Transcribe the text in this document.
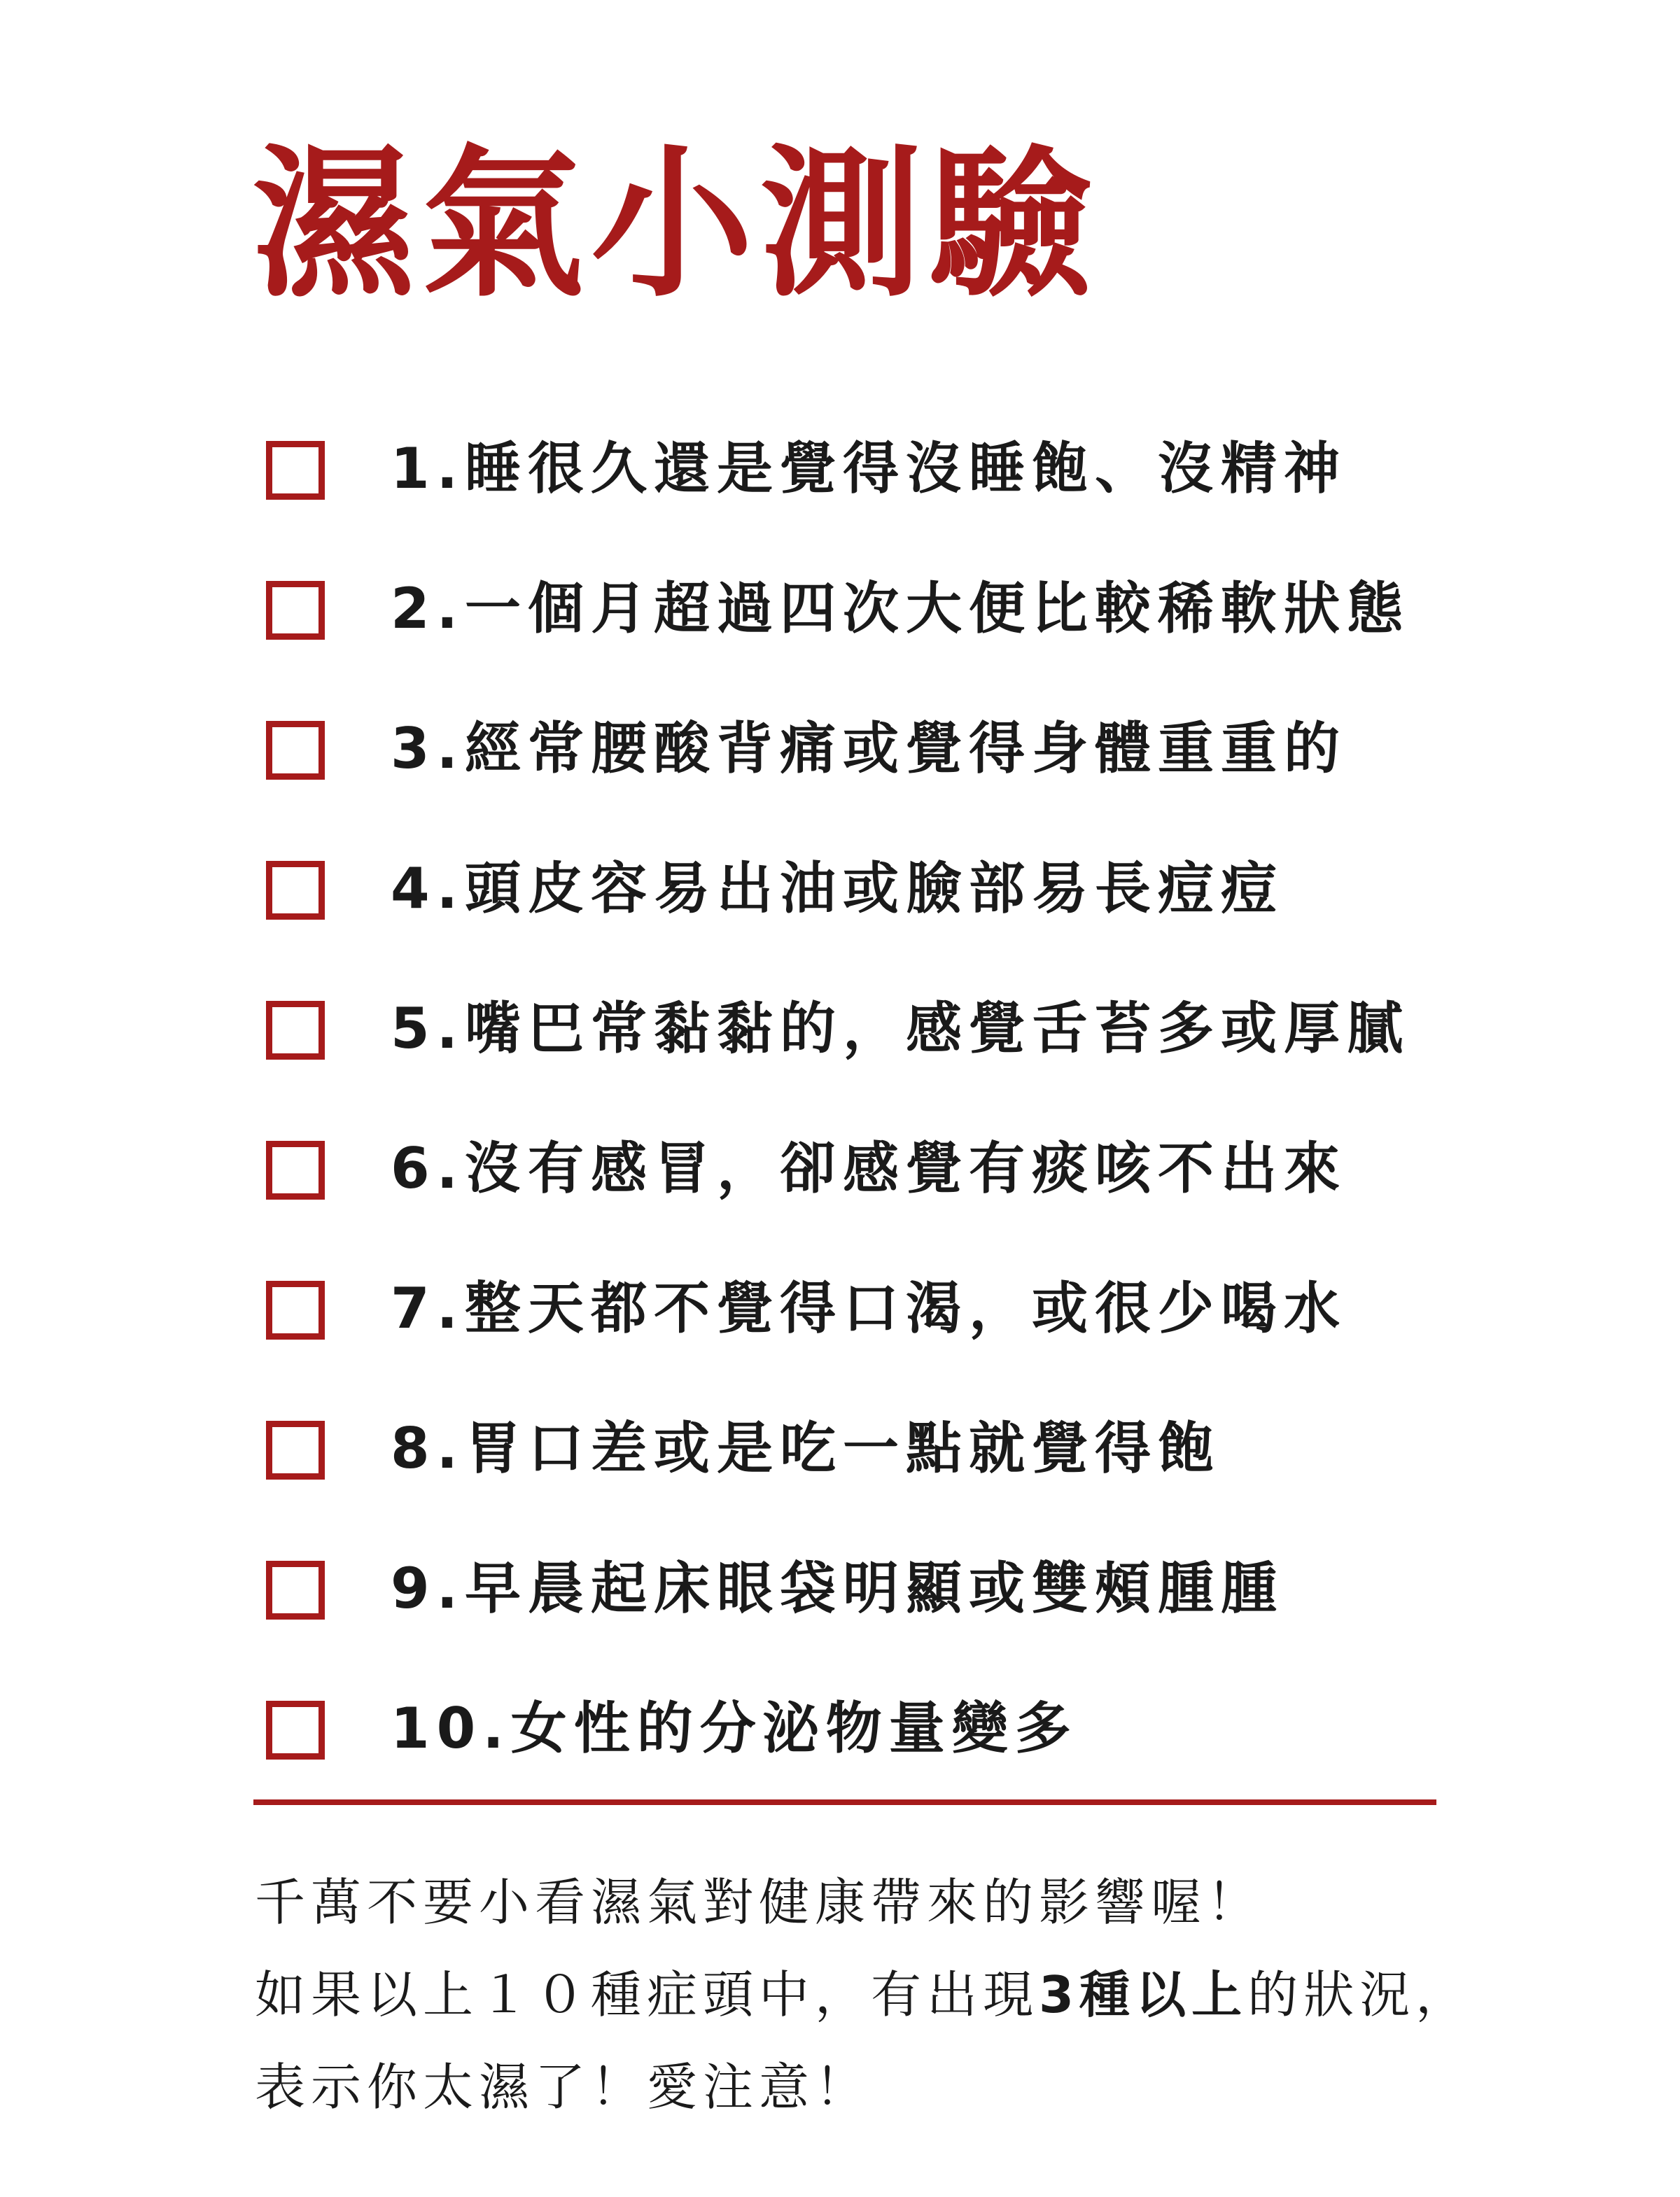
濕氣小測驗
1.睡很久還是覺得沒睡飽、沒精神
2.一個月超過四次大便比較稀軟狀態
3.經常腰酸背痛或覺得身體重重的
4.頭皮容易出油或臉部易長痘痘
5.嘴巴常黏黏的，感覺舌苔多或厚膩
6.沒有感冒，卻感覺有痰咳不出來
7.整天都不覺得口渴，或很少喝水
8.胃口差或是吃一點就覺得飽
9.早晨起床眼袋明顯或雙頰腫腫
10.女性的分泌物量變多

千萬不要小看濕氣對健康帶來的影響喔！
如果以上１０種症頭中，有出現3種以上的狀況，
表示你太濕了！愛注意！
